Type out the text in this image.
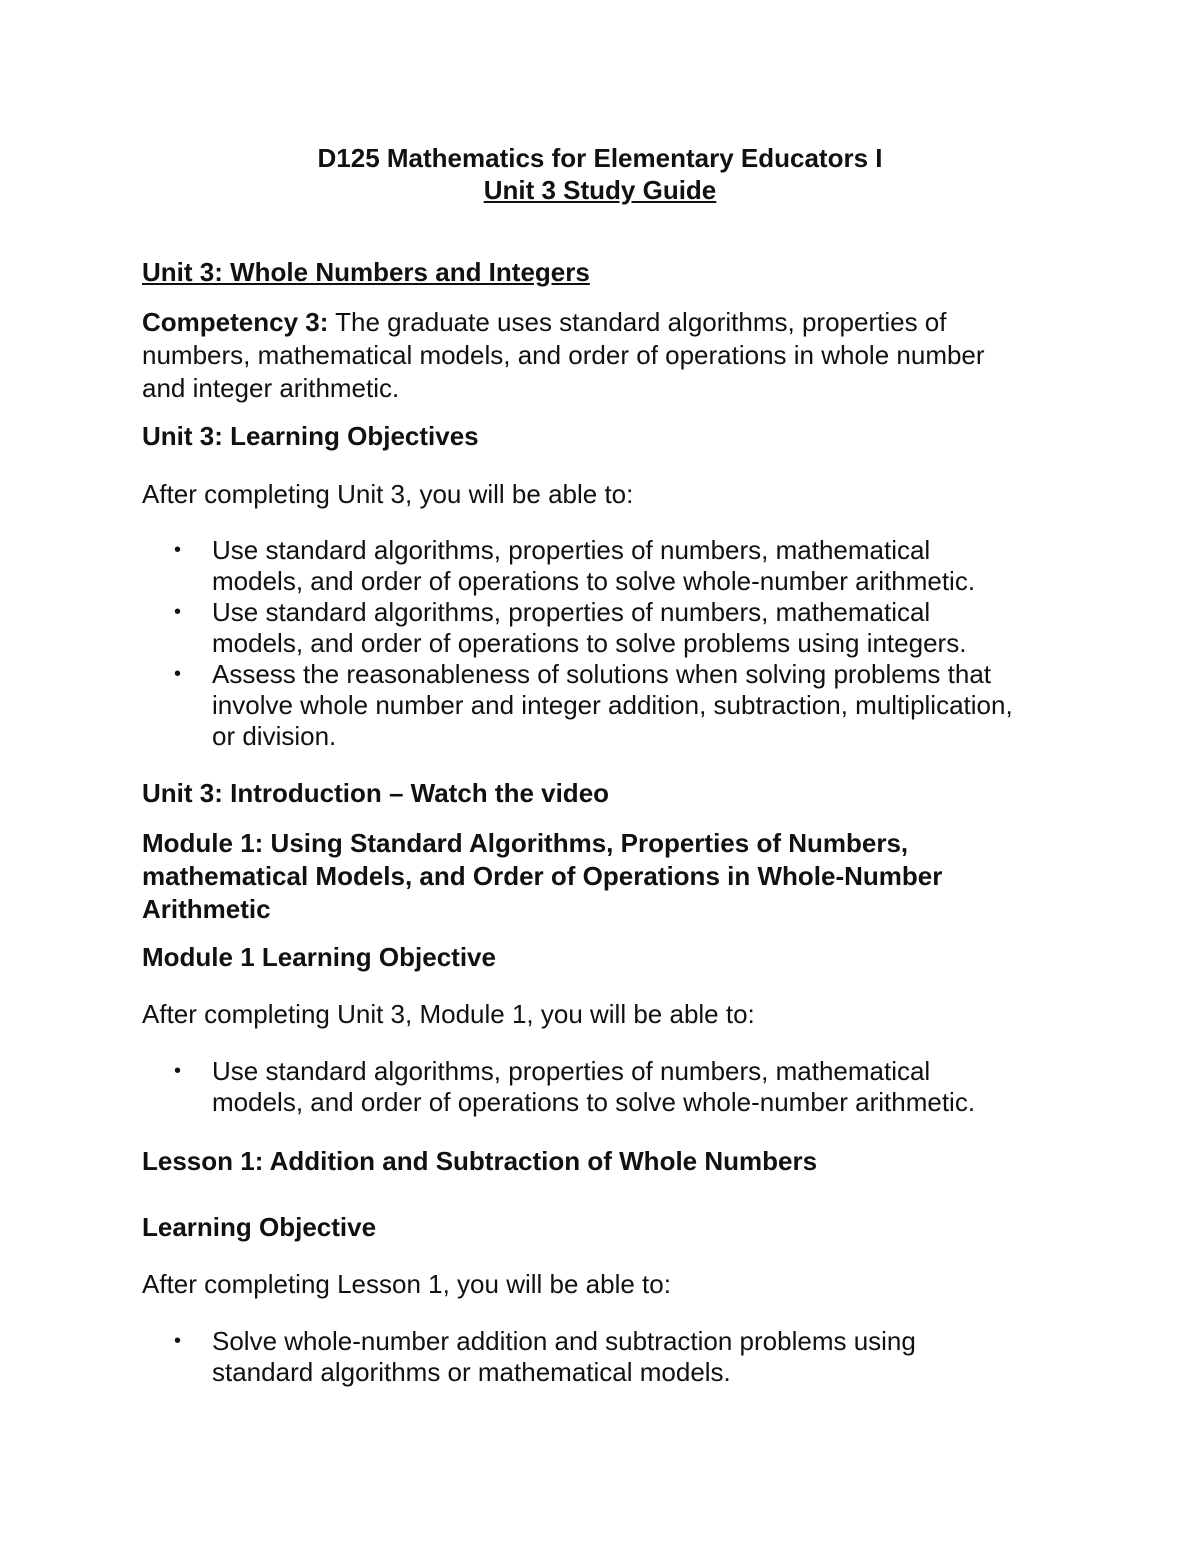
D125 Mathematics for Elementary Educators I
Unit 3 Study Guide
Unit 3: Whole Numbers and Integers
Competency 3: The graduate uses standard algorithms, properties of
numbers, mathematical models, and order of operations in whole number
and integer arithmetic.
Unit 3: Learning Objectives
After completing Unit 3, you will be able to:
• Use standard algorithms, properties of numbers, mathematical
models, and order of operations to solve whole-number arithmetic.
• Use standard algorithms, properties of numbers, mathematical
models, and order of operations to solve problems using integers.
• Assess the reasonableness of solutions when solving problems that
involve whole number and integer addition, subtraction, multiplication,
or division.
Unit 3: Introduction – Watch the video
Module 1: Using Standard Algorithms, Properties of Numbers,
mathematical Models, and Order of Operations in Whole-Number
Arithmetic
Module 1 Learning Objective
After completing Unit 3, Module 1, you will be able to:
• Use standard algorithms, properties of numbers, mathematical
models, and order of operations to solve whole-number arithmetic.
Lesson 1: Addition and Subtraction of Whole Numbers
Learning Objective
After completing Lesson 1, you will be able to:
• Solve whole-number addition and subtraction problems using
standard algorithms or mathematical models.
